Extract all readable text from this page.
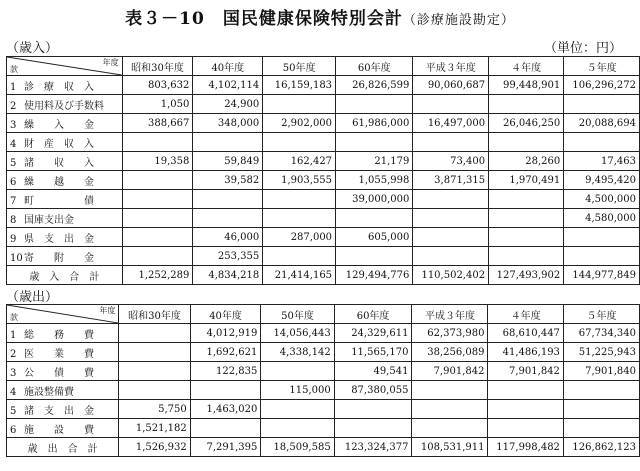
表３－10　国民健康保険特別会計（診療施設勘定）
（歳入）	（単位：円）
年度
款	昭和30年度	40年度	50年度	60年度	平成３年度	４年度	５年度
1 診　療　収　入	803,632	4,102,114	16,159,183	26,826,599	90,060,687	99,448,901	106,296,272
2 使用料及び手数料	1,050	24,900					
3 繰　　入　　金	388,667	348,000	2,902,000	61,986,000	16,497,000	26,046,250	20,088,694
4 財　産　収　入							
5 諸　　収　　入	19,358	59,849	162,427	21,179	73,400	28,260	17,463
6 繰　　越　　金		39,582	1,903,555	1,055,998	3,871,315	1,970,491	9,495,420
7 町　　　　　債				39,000,000			4,500,000
8 国庫支出金							4,580,000
9 県　支　出　金		46,000	287,000	605,000			
10寄　　附　　金		253,355					
歳　入　合　計	1,252,289	4,834,218	21,414,165	129,494,776	110,502,402	127,493,902	144,977,849
（歳出）
年度
款	昭和30年度	40年度	50年度	60年度	平成３年度	４年度	５年度
1 総　　務　　費		4,012,919	14,056,443	24,329,611	62,373,980	68,610,447	67,734,340
2 医　　業　　費		1,692,621	4,338,142	11,565,170	38,256,089	41,486,193	51,225,943
3 公　　債　　費		122,835		49,541	7,901,842	7,901,842	7,901,840
4 施設整備費			115,000	87,380,055			
5 諸　支　出　金	5,750	1,463,020					
6 施　　設　　費	1,521,182						
歳　出　合　計	1,526,932	7,291,395	18,509,585	123,324,377	108,531,911	117,998,482	126,862,123
